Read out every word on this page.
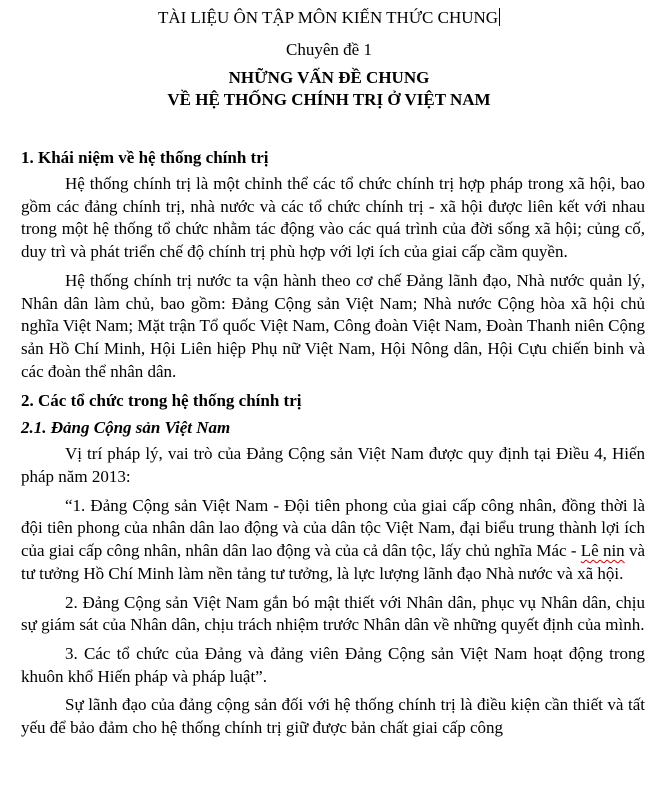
TÀI LIỆU ÔN TẬP MÔN KIẾN THỨC CHUNG
Chuyên đề 1
NHỮNG VẤN ĐỀ CHUNG
VỀ HỆ THỐNG CHÍNH TRỊ Ở VIỆT NAM
1. Khái niệm về hệ thống chính trị

Hệ thống chính trị là một chỉnh thể các tổ chức chính trị hợp pháp trong xã hội, bao gồm các đảng chính trị, nhà nước và các tổ chức chính trị - xã hội được liên kết với nhau trong một hệ thống tổ chức nhằm tác động vào các quá trình của đời sống xã hội; củng cố, duy trì và phát triển chế độ chính trị phù hợp với lợi ích của giai cấp cầm quyền.

Hệ thống chính trị nước ta vận hành theo cơ chế Đảng lãnh đạo, Nhà nước quản lý, Nhân dân làm chủ, bao gồm: Đảng Cộng sản Việt Nam; Nhà nước Cộng hòa xã hội chủ nghĩa Việt Nam; Mặt trận Tổ quốc Việt Nam, Công đoàn Việt Nam, Đoàn Thanh niên Cộng sản Hồ Chí Minh, Hội Liên hiệp Phụ nữ Việt Nam, Hội Nông dân, Hội Cựu chiến binh và các đoàn thể nhân dân.

2. Các tổ chức trong hệ thống chính trị
2.1. Đảng Cộng sản Việt Nam

Vị trí pháp lý, vai trò của Đảng Cộng sản Việt Nam được quy định tại Điều 4, Hiến pháp năm 2013:

“1. Đảng Cộng sản Việt Nam - Đội tiên phong của giai cấp công nhân, đồng thời là đội tiên phong của nhân dân lao động và của dân tộc Việt Nam, đại biểu trung thành lợi ích của giai cấp công nhân, nhân dân lao động và của cả dân tộc, lấy chủ nghĩa Mác - Lê nin và tư tưởng Hồ Chí Minh làm nền tảng tư tưởng, là lực lượng lãnh đạo Nhà nước và xã hội.

2. Đảng Cộng sản Việt Nam gắn bó mật thiết với Nhân dân, phục vụ Nhân dân, chịu sự giám sát của Nhân dân, chịu trách nhiệm trước Nhân dân về những quyết định của mình.

3. Các tổ chức của Đảng và đảng viên Đảng Cộng sản Việt Nam hoạt động trong khuôn khổ Hiến pháp và pháp luật”.

Sự lãnh đạo của đảng cộng sản đối với hệ thống chính trị là điều kiện cần thiết và tất yếu để bảo đảm cho hệ thống chính trị giữ được bản chất giai cấp công
